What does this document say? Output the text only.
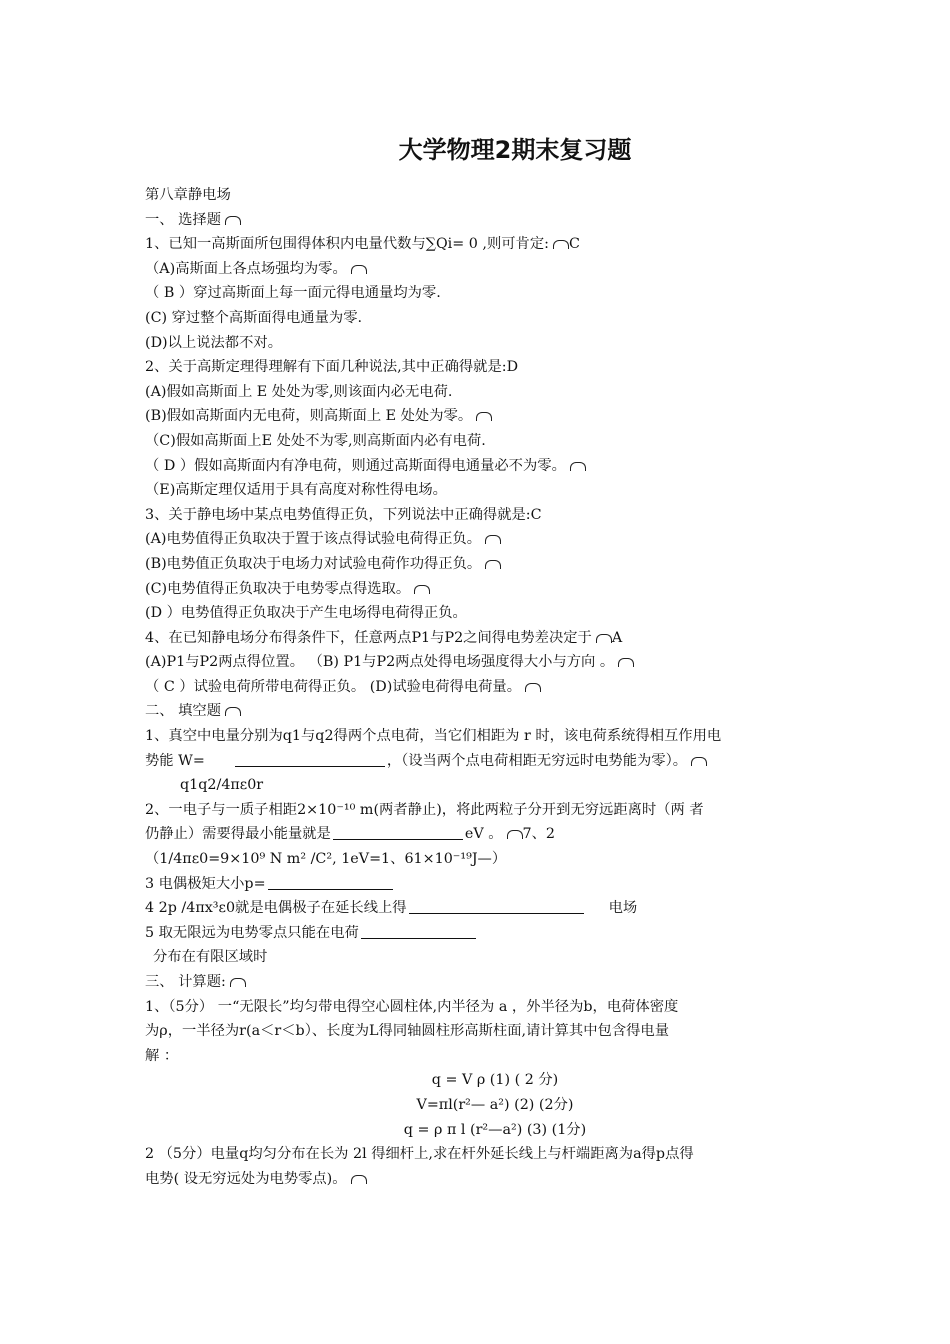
大学物理2期末复习题
第八章静电场
一、 选择题
1、已知一高斯面所包围得体积内电量代数与∑Qi= 0 ,则可肯定: C
（A)高斯面上各点场强均为零。
（ B ）穿过高斯面上每一面元得电通量均为零.
(C) 穿过整个高斯面得电通量为零.
(D)以上说法都不对。
2、关于高斯定理得理解有下面几种说法,其中正确得就是:D
(A)假如高斯面上 E 处处为零,则该面内必无电荷.
(B)假如高斯面内无电荷，则高斯面上 E 处处为零。
（C)假如高斯面上E 处处不为零,则高斯面内必有电荷.
（ D ）假如高斯面内有净电荷，则通过高斯面得电通量必不为零。
（E)高斯定理仅适用于具有高度对称性得电场。
3、关于静电场中某点电势值得正负，下列说法中正确得就是:C
(A)电势值得正负取决于置于该点得试验电荷得正负。
(B)电势值正负取决于电场力对试验电荷作功得正负。
(C)电势值得正负取决于电势零点得选取。
(D ）电势值得正负取决于产生电场得电荷得正负。
4、在已知静电场分布得条件下，任意两点P1与P2之间得电势差决定于 A
(A)P1与P2两点得位置。 （B) P1与P2两点处得电场强度得大小与方向 。
（ C ）试验电荷所带电荷得正负。 (D)试验电荷得电荷量。
二、 填空题
1、真空中电量分别为q1与q2得两个点电荷，当它们相距为 r 时，该电荷系统得相互作用电
势能 W=	，（设当两个点电荷相距无穷远时电势能为零）。
q1q2/4πε0r
2、一电子与一质子相距2×10⁻¹⁰ m(两者静止)，将此两粒子分开到无穷远距离时（两 者
仍静止）需要得最小能量就是	eV 。 7、2
（1/4πε0=9×10⁹ N m² /C², 1eV=1、61×10⁻¹⁹J—）
3 电偶极矩大小p=
4 2p /4πx³ε0就是电偶极子在延长线上得	电场
5 取无限远为电势零点只能在电荷
分布在有限区域时
三、 计算题:
1、（5分） 一“无限长”均匀带电得空心圆柱体,内半径为 a ，外半径为b，电荷体密度
为ρ，一半径为r(a＜r＜b）、长度为L得同轴圆柱形高斯柱面,请计算其中包含得电量
解 ：
q = V ρ (1) ( 2 分)
V=πl(r²— a²) (2) (2分)
q = ρ π l (r²—a²) (3) (1分)
2 （5分）电量q均匀分布在长为 2l 得细杆上,求在杆外延长线上与杆端距离为a得p点得
电势( 设无穷远处为电势零点)。
